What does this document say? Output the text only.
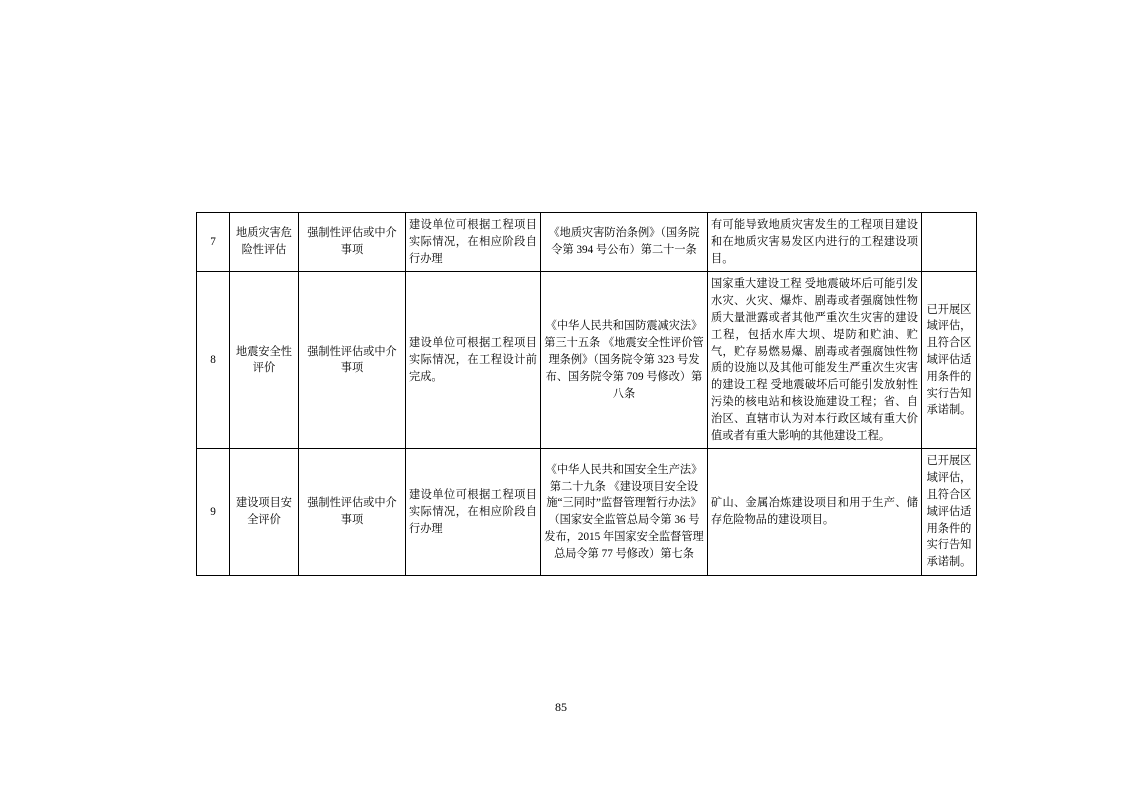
7	地质灾害危险性评估	强制性评估或中介事项	建设单位可根据工程项目实际情况，在相应阶段自行办理	《地质灾害防治条例》（国务院令第 394 号公布）第二十一条	有可能导致地质灾害发生的工程项目建设和在地质灾害易发区内进行的工程建设项目。	
8	地震安全性评价	强制性评估或中介事项	建设单位可根据工程项目实际情况，在工程设计前完成。	《中华人民共和国防震减灾法》第三十五条 《地震安全性评价管理条例》（国务院令第 323 号发布、国务院令第 709 号修改）第八条	国家重大建设工程 受地震破坏后可能引发水灾、火灾、爆炸、剧毒或者强腐蚀性物质大量泄露或者其他严重次生灾害的建设工程，包括水库大坝、堤防和贮油、贮气，贮存易燃易爆、剧毒或者强腐蚀性物质的设施以及其他可能发生严重次生灾害的建设工程 受地震破坏后可能引发放射性污染的核电站和核设施建设工程；省、自治区、直辖市认为对本行政区域有重大价值或者有重大影响的其他建设工程。	已开展区域评估，且符合区域评估适用条件的实行告知承诺制。
9	建设项目安全评价	强制性评估或中介事项	建设单位可根据工程项目实际情况，在相应阶段自行办理	《中华人民共和国安全生产法》第二十九条 《建设项目安全设施“三同时”监督管理暂行办法》（国家安全监管总局令第 36 号发布，2015 年国家安全监督管理总局令第 77 号修改）第七条	矿山、金属冶炼建设项目和用于生产、储存危险物品的建设项目。	已开展区域评估，且符合区域评估适用条件的实行告知承诺制。
85
